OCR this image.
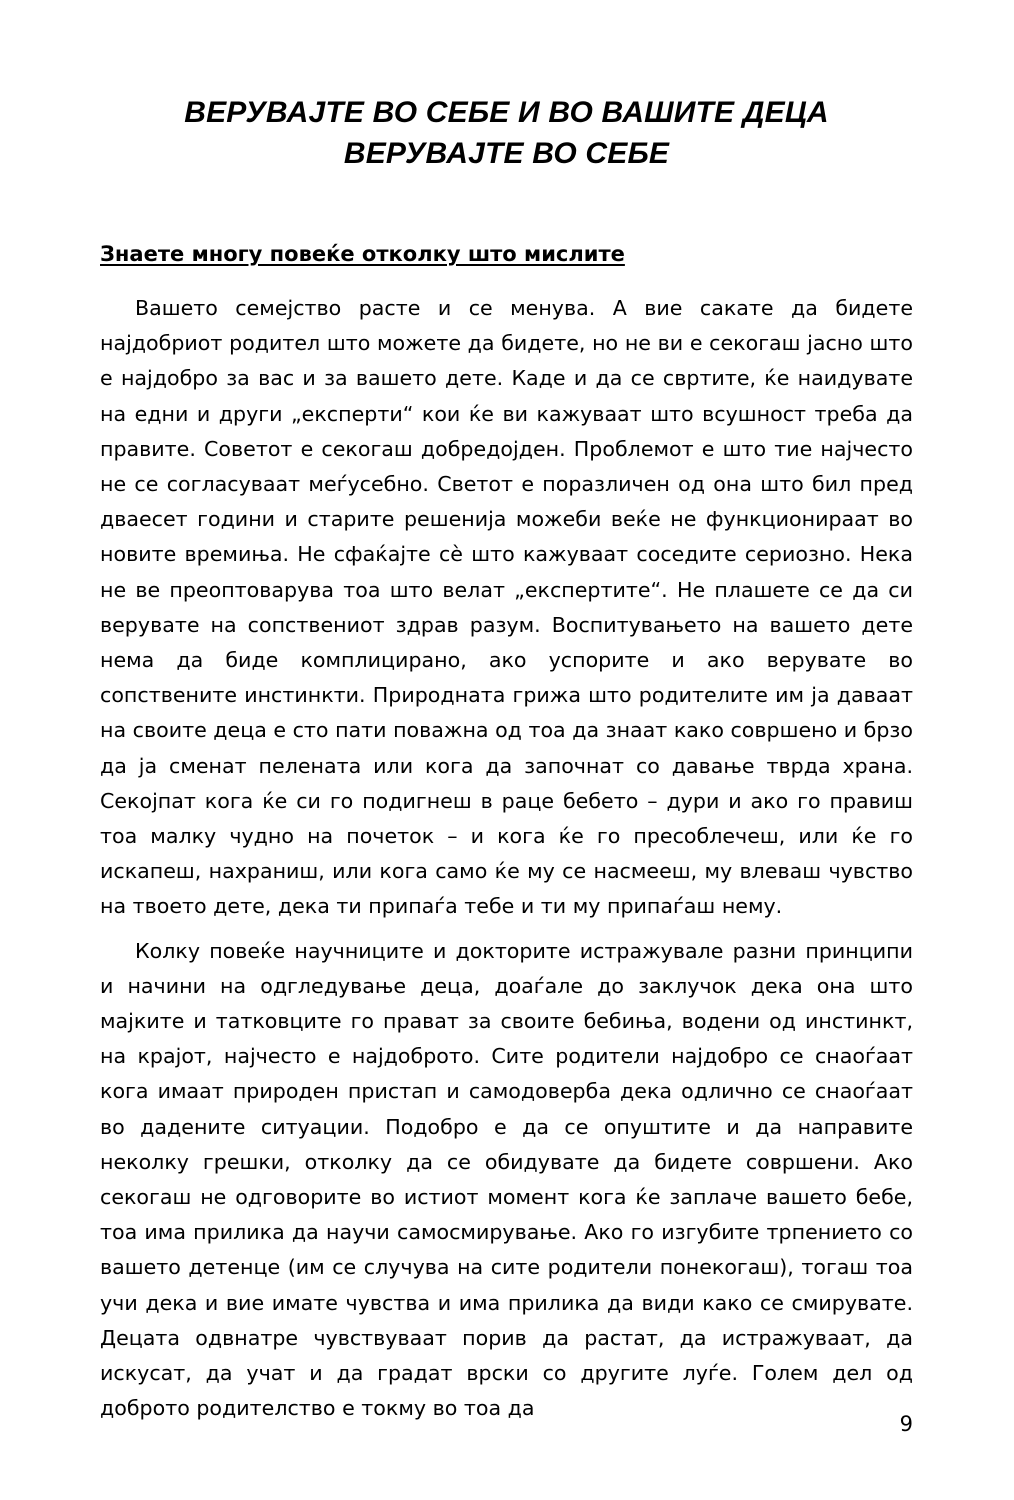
ВЕРУВАЈТЕ ВО СЕБЕ И ВО ВАШИТЕ ДЕЦА
ВЕРУВАЈТЕ ВО СЕБЕ
Знаете многу повеќе отколку што мислите

Вашето семејство расте и се менува. А вие сакате да бидете најдобриот родител што можете да бидете, но не ви е секогаш јасно што е најдобро за вас и за вашето дете. Каде и да се свртите, ќе наидувате на едни и други „експерти“ кои ќе ви кажуваат што всушност треба да правите. Советот е секогаш добредојден. Проблемот е што тие најчесто не се согласуваат меѓусебно. Светот е поразличен од она што бил пред дваесет години и старите решенија можеби веќе не функционираат во новите времиња. Не сфаќајте сè што кажуваат соседите сериозно. Нека не ве преоптоварува тоа што велат „експертите“. Не плашете се да си верувате на сопствениот здрав разум. Воспитувањето на вашето дете нема да биде комплицирано, ако успорите и ако верувате во сопствените инстинкти. Природната грижа што родителите им ја даваат на своите деца е сто пати поважна од тоа да знаат како совршено и брзо да ја сменат пелената или кога да започнат со давање тврда храна. Секојпат кога ќе си го подигнеш в раце бебето – дури и ако го правиш тоа малку чудно на почеток – и кога ќе го пресоблечеш, или ќе го искапеш, нахраниш, или кога само ќе му се насмееш, му влеваш чувство на твоето дете, дека ти припаѓа тебе и ти му припаѓаш нему.

Колку повеќе научниците и докторите истражувале разни принципи и начини на одгледување деца, доаѓале до заклучок дека она што мајките и татковците го прават за своите бебиња, водени од инстинкт, на крајот, најчесто е најдоброто. Сите родители најдобро се снаоѓаат кога имаат природен пристап и самодоверба дека одлично се снаоѓаат во дадените ситуации. Подобро е да се опуштите и да направите неколку грешки, отколку да се обидувате да бидете совршени. Ако секогаш не одговорите во истиот момент кога ќе заплаче вашето бебе, тоа има прилика да научи самосмирување. Ако го изгубите трпението со вашето детенце (им се случува на сите родители понекогаш), тогаш тоа учи дека и вие имате чувства и има прилика да види како се смирувате. Децата одвнатре чувствуваат порив да растат, да истражуваат, да искусат, да учат и да градат врски со другите луѓе. Голем дел од доброто родителство е токму во тоа да

9
